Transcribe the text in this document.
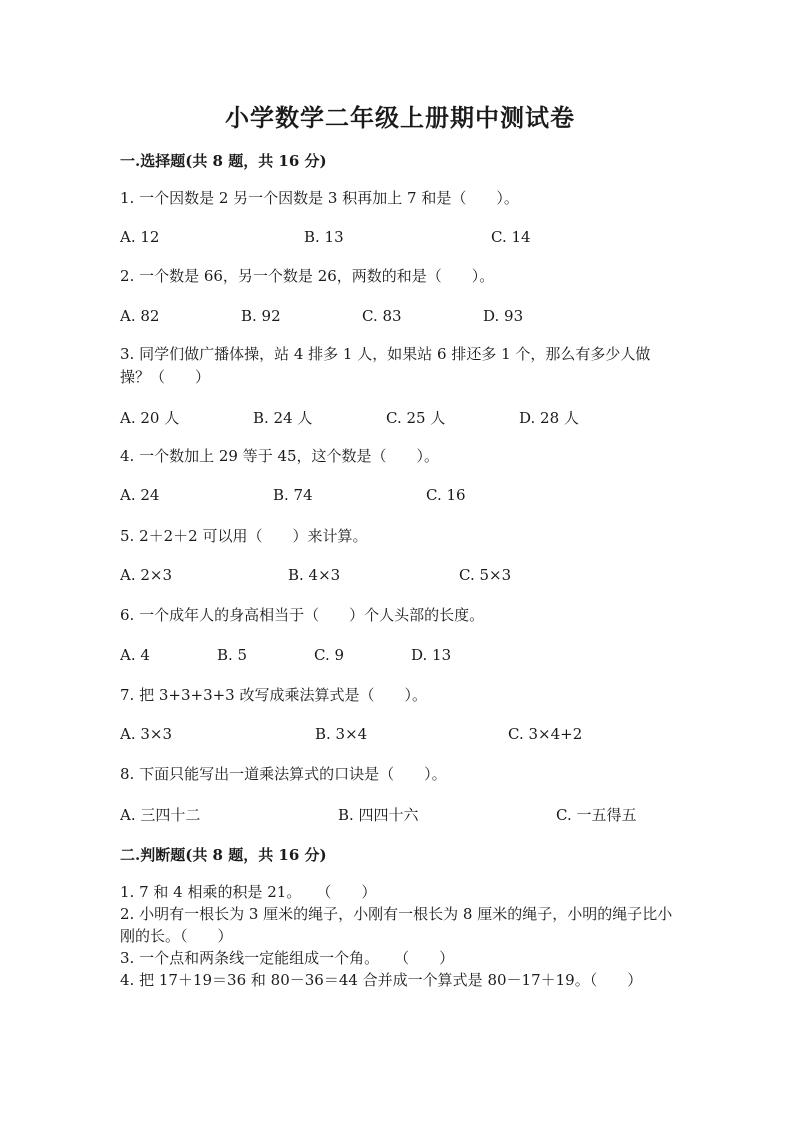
小学数学二年级上册期中测试卷
一.选择题(共 8 题，共 16 分)
1. 一个因数是 2 另一个因数是 3 积再加上 7 和是（　　）。
A. 12	B. 13	C. 14
2. 一个数是 66，另一个数是 26，两数的和是（　　）。
A. 82	B. 92	C. 83	D. 93
3. 同学们做广播体操，站 4 排多 1 人，如果站 6 排还多 1 个，那么有多少人做操？（　　）
A. 20 人	B. 24 人	C. 25 人	D. 28 人
4. 一个数加上 29 等于 45，这个数是（　　）。
A. 24	B. 74	C. 16
5. 2＋2＋2 可以用（　　）来计算。
A. 2×3	B. 4×3	C. 5×3
6. 一个成年人的身高相当于（　　）个人头部的长度。
A. 4	B. 5	C. 9	D. 13
7. 把 3+3+3+3 改写成乘法算式是（　　）。
A. 3×3	B. 3×4	C. 3×4+2
8. 下面只能写出一道乘法算式的口诀是（　　）。
A. 三四十二	B. 四四十六	C. 一五得五
二.判断题(共 8 题，共 16 分)
1. 7 和 4 相乘的积是 21。　　（　　）
2. 小明有一根长为 3 厘米的绳子，小刚有一根长为 8 厘米的绳子，小明的绳子比小刚的长。（　　）
3. 一个点和两条线一定能组成一个角。　　（　　）
4. 把 17＋19＝36 和 80－36＝44 合并成一个算式是 80－17＋19。（　　）
